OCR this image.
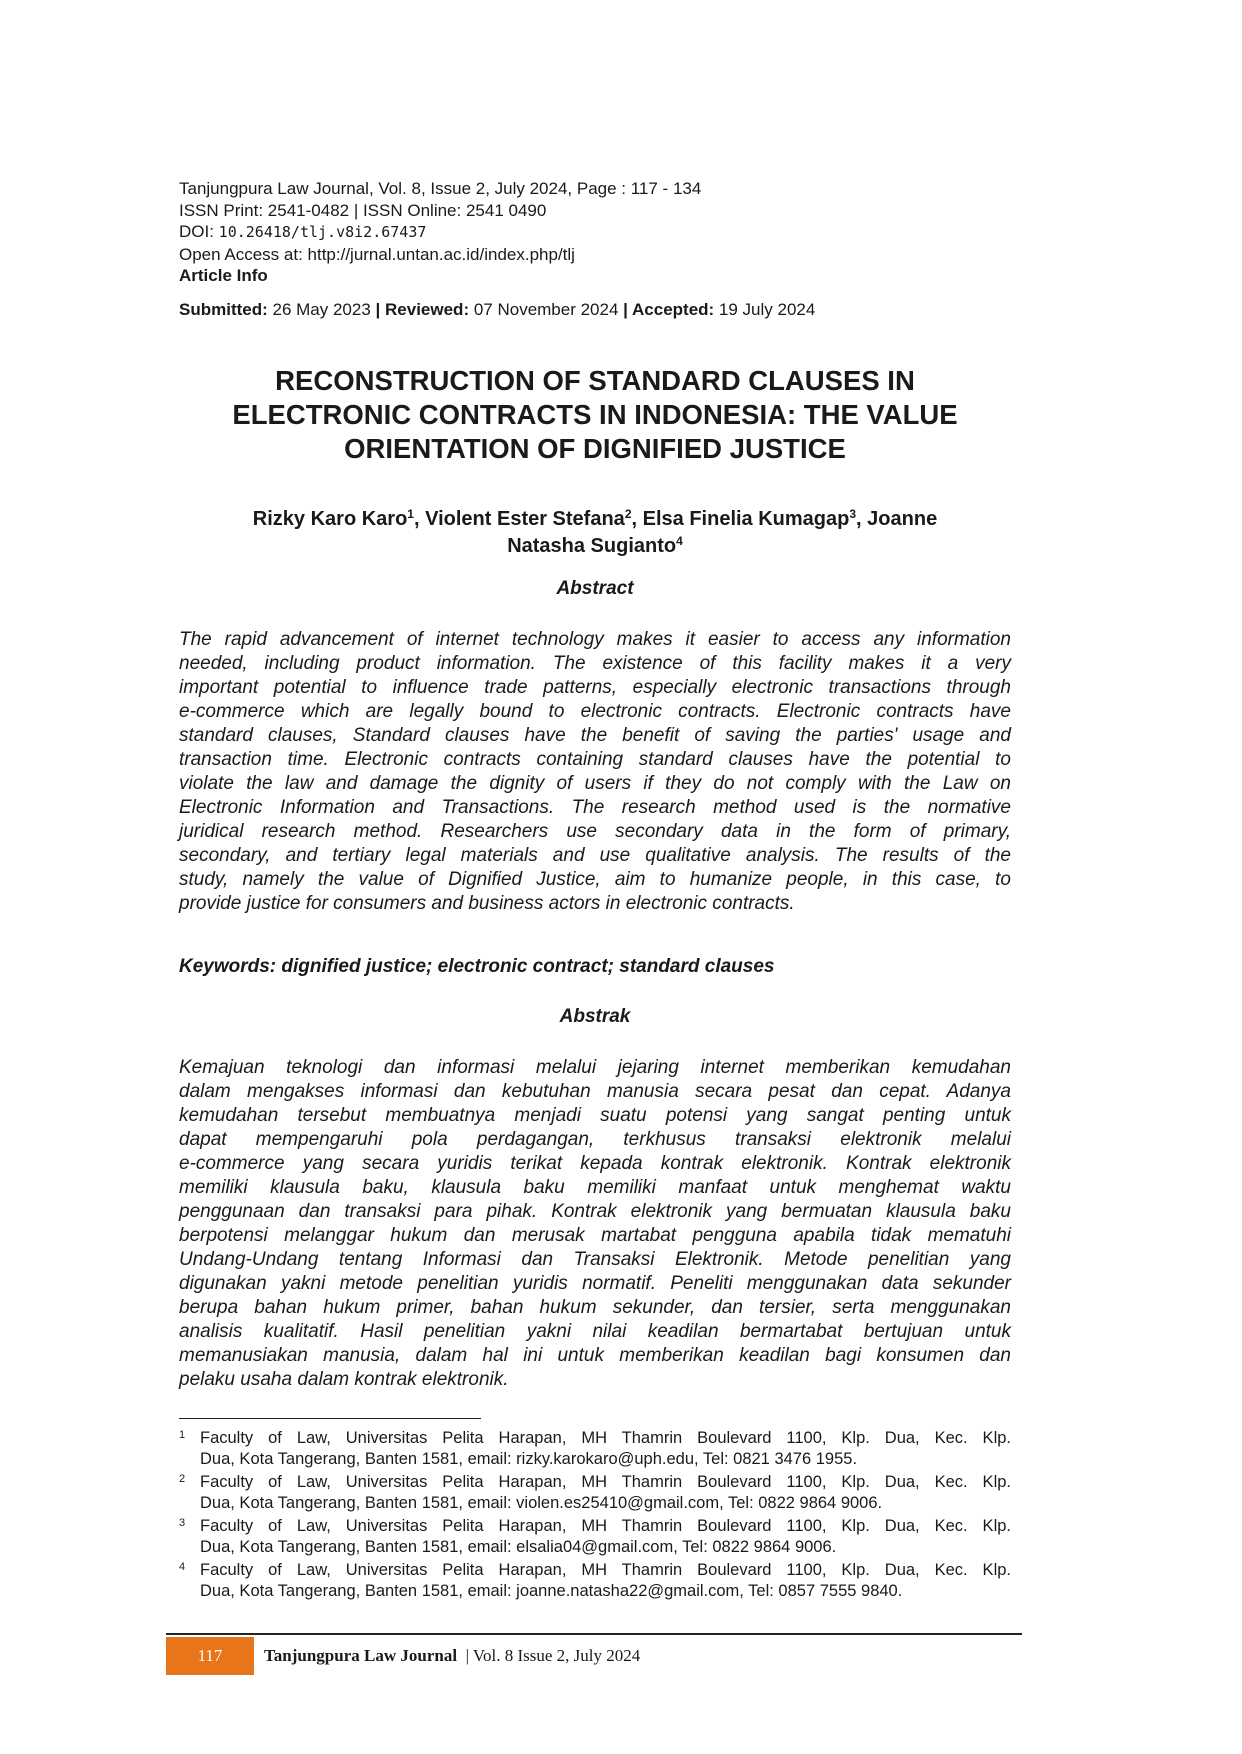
Tanjungpura Law Journal, Vol. 8, Issue 2, July 2024, Page : 117 - 134
ISSN Print: 2541-0482 | ISSN Online: 2541 0490
DOI: 10.26418/tlj.v8i2.67437
Open Access at: http://jurnal.untan.ac.id/index.php/tlj
Article Info
Submitted: 26 May 2023 | Reviewed: 07 November 2024 | Accepted: 19 July 2024
RECONSTRUCTION OF STANDARD CLAUSES IN
ELECTRONIC CONTRACTS IN INDONESIA: THE VALUE
ORIENTATION OF DIGNIFIED JUSTICE
Rizky Karo Karo$^1$, Violent Ester Stefana$^2$, Elsa Finelia Kumagap$^3$, Joanne
Natasha Sugianto$^4$
Abstract
The rapid advancement of internet technology makes it easier to access any information
needed, including product information. The existence of this facility makes it a very
important potential to influence trade patterns, especially electronic transactions through
e-commerce which are legally bound to electronic contracts. Electronic contracts have
standard clauses, Standard clauses have the benefit of saving the parties' usage and
transaction time. Electronic contracts containing standard clauses have the potential to
violate the law and damage the dignity of users if they do not comply with the Law on
Electronic Information and Transactions. The research method used is the normative
juridical research method. Researchers use secondary data in the form of primary,
secondary, and tertiary legal materials and use qualitative analysis. The results of the
study, namely the value of Dignified Justice, aim to humanize people, in this case, to
provide justice for consumers and business actors in electronic contracts.
Keywords: dignified justice; electronic contract; standard clauses
Abstrak
Kemajuan teknologi dan informasi melalui jejaring internet memberikan kemudahan
dalam mengakses informasi dan kebutuhan manusia secara pesat dan cepat. Adanya
kemudahan tersebut membuatnya menjadi suatu potensi yang sangat penting untuk
dapat mempengaruhi pola perdagangan, terkhusus transaksi elektronik melalui
e-commerce yang secara yuridis terikat kepada kontrak elektronik. Kontrak elektronik
memiliki klausula baku, klausula baku memiliki manfaat untuk menghemat waktu
penggunaan dan transaksi para pihak. Kontrak elektronik yang bermuatan klausula baku
berpotensi melanggar hukum dan merusak martabat pengguna apabila tidak mematuhi
Undang-Undang tentang Informasi dan Transaksi Elektronik. Metode penelitian yang
digunakan yakni metode penelitian yuridis normatif. Peneliti menggunakan data sekunder
berupa bahan hukum primer, bahan hukum sekunder, dan tersier, serta menggunakan
analisis kualitatif. Hasil penelitian yakni nilai keadilan bermartabat bertujuan untuk
memanusiakan manusia, dalam hal ini untuk memberikan keadilan bagi konsumen dan
pelaku usaha dalam kontrak elektronik.
1 Faculty of Law, Universitas Pelita Harapan, MH Thamrin Boulevard 1100, Klp. Dua, Kec. Klp.
Dua, Kota Tangerang, Banten 1581, email: rizky.karokaro@uph.edu, Tel: 0821 3476 1955.
2 Faculty of Law, Universitas Pelita Harapan, MH Thamrin Boulevard 1100, Klp. Dua, Kec. Klp.
Dua, Kota Tangerang, Banten 1581, email: violen.es25410@gmail.com, Tel: 0822 9864 9006.
3 Faculty of Law, Universitas Pelita Harapan, MH Thamrin Boulevard 1100, Klp. Dua, Kec. Klp.
Dua, Kota Tangerang, Banten 1581, email: elsalia04@gmail.com, Tel: 0822 9864 9006.
4 Faculty of Law, Universitas Pelita Harapan, MH Thamrin Boulevard 1100, Klp. Dua, Kec. Klp.
Dua, Kota Tangerang, Banten 1581, email: joanne.natasha22@gmail.com, Tel: 0857 7555 9840.
117	Tanjungpura Law Journal  | Vol. 8 Issue 2, July 2024
